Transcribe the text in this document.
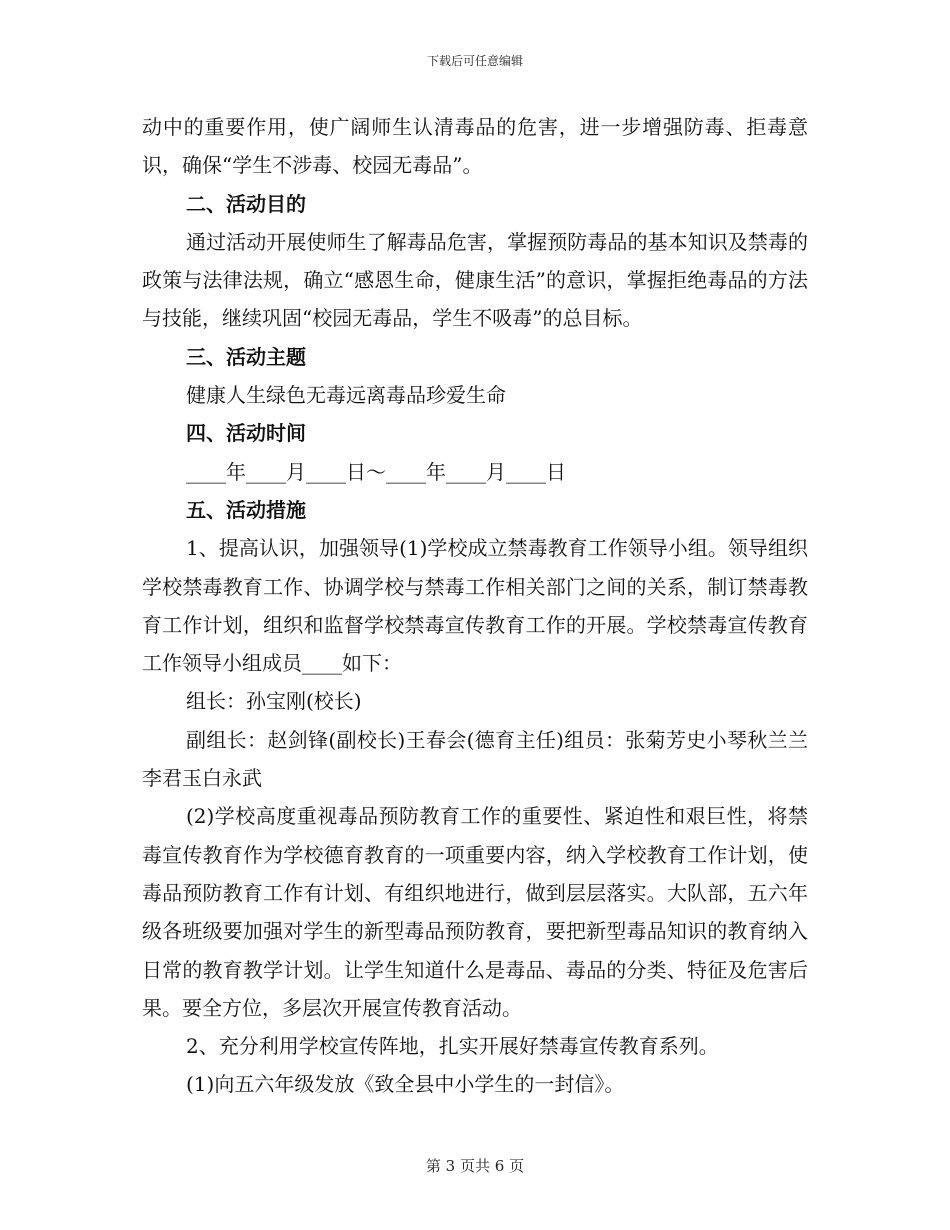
下载后可任意编辑

动中的重要作用，使广阔师生认清毒品的危害，进一步增强防毒、拒毒意识，确保“学生不涉毒、校园无毒品”。

二、活动目的

通过活动开展使师生了解毒品危害，掌握预防毒品的基本知识及禁毒的政策与法律法规，确立“感恩生命，健康生活”的意识，掌握拒绝毒品的方法与技能，继续巩固“校园无毒品，学生不吸毒”的总目标。

三、活动主题

健康人生绿色无毒远离毒品珍爱生命

四、活动时间

____年____月____日～____年____月____日

五、活动措施

1、提高认识，加强领导(1)学校成立禁毒教育工作领导小组。领导组织学校禁毒教育工作、协调学校与禁毒工作相关部门之间的关系，制订禁毒教育工作计划，组织和监督学校禁毒宣传教育工作的开展。学校禁毒宣传教育工作领导小组成员____如下：

组长：孙宝刚(校长)

副组长：赵剑锋(副校长)王春会(德育主任)组员：张菊芳史小琴秋兰兰李君玉白永武

(2)学校高度重视毒品预防教育工作的重要性、紧迫性和艰巨性，将禁毒宣传教育作为学校德育教育的一项重要内容，纳入学校教育工作计划，使毒品预防教育工作有计划、有组织地进行，做到层层落实。大队部，五六年级各班级要加强对学生的新型毒品预防教育，要把新型毒品知识的教育纳入日常的教育教学计划。让学生知道什么是毒品、毒品的分类、特征及危害后果。要全方位，多层次开展宣传教育活动。

2、充分利用学校宣传阵地，扎实开展好禁毒宣传教育系列。

(1)向五六年级发放《致全县中小学生的一封信》。

第 3 页共 6 页
